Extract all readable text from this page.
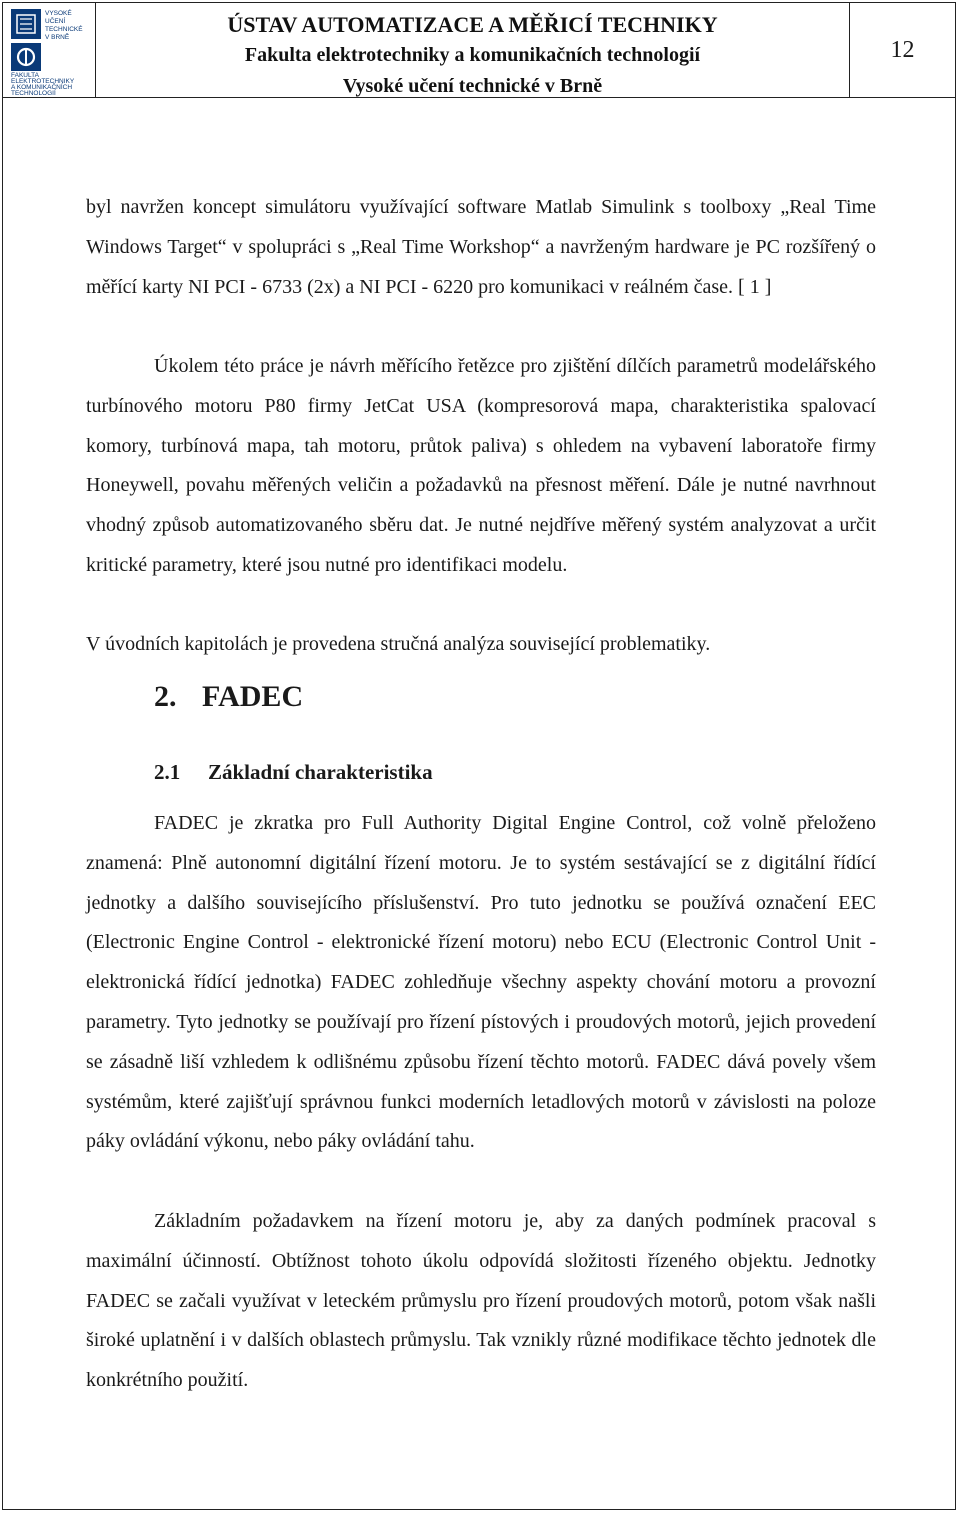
VYSOKÉ
UČENÍ
TECHNICKÉ
V BRNĚ
FAKULTA
ELEKTROTECHNIKY
A KOMUNIKAČNÍCH
TECHNOLOGIÍ
ÚSTAV AUTOMATIZACE A MĚŘICÍ TECHNIKY
Fakulta elektrotechniky a komunikačních technologií
Vysoké učení technické v Brně
12

byl navržen koncept simulátoru využívající software Matlab Simulink s toolboxy „Real Time Windows Target“ v spolupráci s „Real Time Workshop“ a navrženým hardware je PC rozšířený o měřící karty NI PCI - 6733 (2x) a NI PCI - 6220 pro komunikaci v reálném čase. [ 1 ]

Úkolem této práce je návrh měřícího řetězce pro zjištění dílčích parametrů modelářského turbínového motoru P80 firmy JetCat USA (kompresorová mapa, charakteristika spalovací komory, turbínová mapa, tah motoru, průtok paliva) s ohledem na vybavení laboratoře firmy Honeywell, povahu měřených veličin a požadavků na přesnost měření. Dále je nutné navrhnout vhodný způsob automatizovaného sběru dat. Je nutné nejdříve měřený systém analyzovat a určit kritické parametry, které jsou nutné pro identifikaci modelu.

V úvodních kapitolách je provedena stručná analýza související problematiky.

2. FADEC
2.1 Základní charakteristika

FADEC je zkratka pro Full Authority Digital Engine Control, což volně přeloženo znamená: Plně autonomní digitální řízení motoru. Je to systém sestávající se z digitální řídící jednotky a dalšího souvisejícího příslušenství. Pro tuto jednotku se používá označení EEC (Electronic Engine Control - elektronické řízení motoru) nebo ECU (Electronic Control Unit - elektronická řídící jednotka) FADEC zohledňuje všechny aspekty chování motoru a provozní parametry. Tyto jednotky se používají pro řízení pístových i proudových motorů, jejich provedení se zásadně liší vzhledem k odlišnému způsobu řízení těchto motorů. FADEC dává povely všem systémům, které zajišťují správnou funkci moderních letadlových motorů v závislosti na poloze páky ovládání výkonu, nebo páky ovládání tahu.

Základním požadavkem na řízení motoru je, aby za daných podmínek pracoval s maximální účinností. Obtížnost tohoto úkolu odpovídá složitosti řízeného objektu. Jednotky FADEC se začali využívat v leteckém průmyslu pro řízení proudových motorů, potom však našli široké uplatnění i v dalších oblastech průmyslu. Tak vznikly různé modifikace těchto jednotek dle konkrétního použití.
